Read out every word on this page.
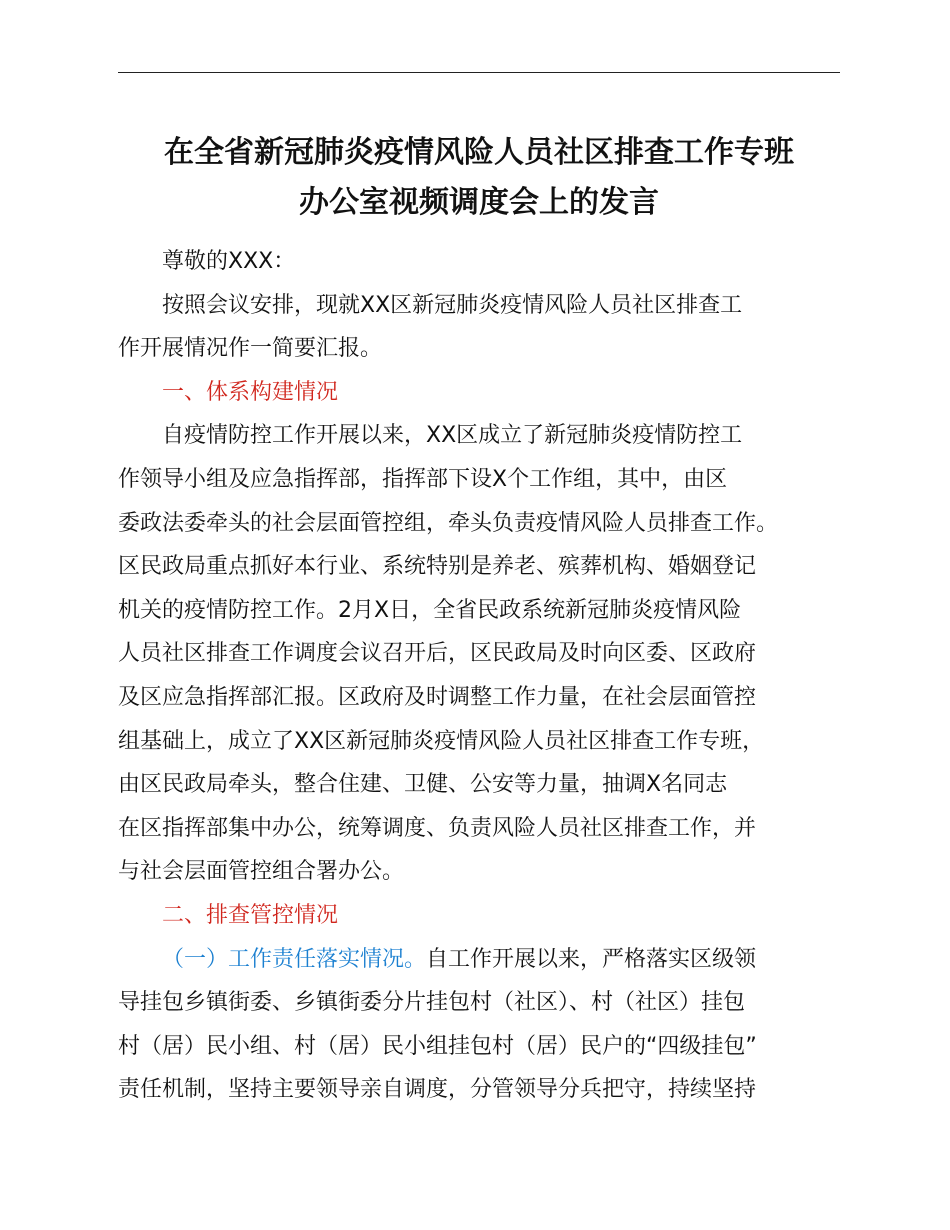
在全省新冠肺炎疫情风险人员社区排查工作专班
办公室视频调度会上的发言

尊敬的XXX：

按照会议安排，现就XX区新冠肺炎疫情风险人员社区排查工
作开展情况作一简要汇报。

一、体系构建情况

自疫情防控工作开展以来，XX区成立了新冠肺炎疫情防控工
作领导小组及应急指挥部，指挥部下设X个工作组，其中，由区
委政法委牵头的社会层面管控组，牵头负责疫情风险人员排查工作。
区民政局重点抓好本行业、系统特别是养老、殡葬机构、婚姻登记
机关的疫情防控工作。2月X日，全省民政系统新冠肺炎疫情风险
人员社区排查工作调度会议召开后，区民政局及时向区委、区政府
及区应急指挥部汇报。区政府及时调整工作力量，在社会层面管控
组基础上，成立了XX区新冠肺炎疫情风险人员社区排查工作专班，
由区民政局牵头，整合住建、卫健、公安等力量，抽调X名同志
在区指挥部集中办公，统筹调度、负责风险人员社区排查工作，并
与社会层面管控组合署办公。

二、排查管控情况

（一）工作责任落实情况。自工作开展以来，严格落实区级领
导挂包乡镇街委、乡镇街委分片挂包村（社区）、村（社区）挂包
村（居）民小组、村（居）民小组挂包村（居）民户的“四级挂包”
责任机制，坚持主要领导亲自调度，分管领导分兵把守，持续坚持
